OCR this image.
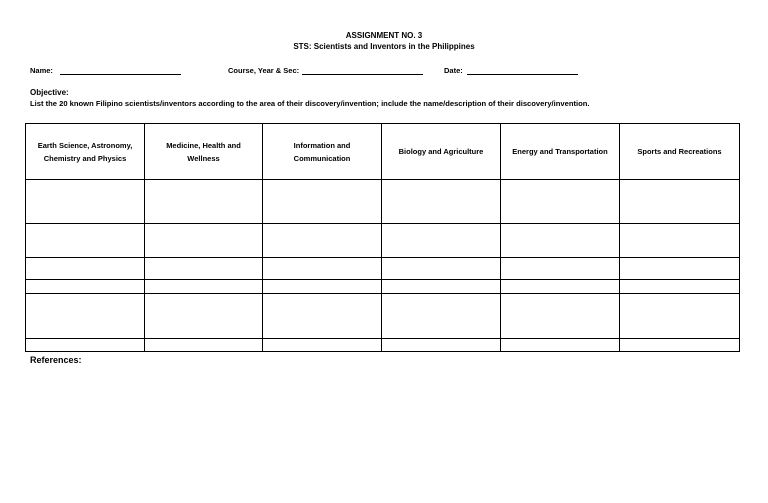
ASSIGNMENT NO. 3
STS: Scientists and Inventors in the Philippines
Name:	Course, Year & Sec:	Date:
Objective:
List the 20 known Filipino scientists/inventors according to the area of their discovery/invention; include the name/description of their discovery/invention.
Earth Science, Astronomy, Chemistry and Physics	Medicine, Health and Wellness	Information and Communication	Biology and Agriculture	Energy and Transportation	Sports and Recreations

References:
